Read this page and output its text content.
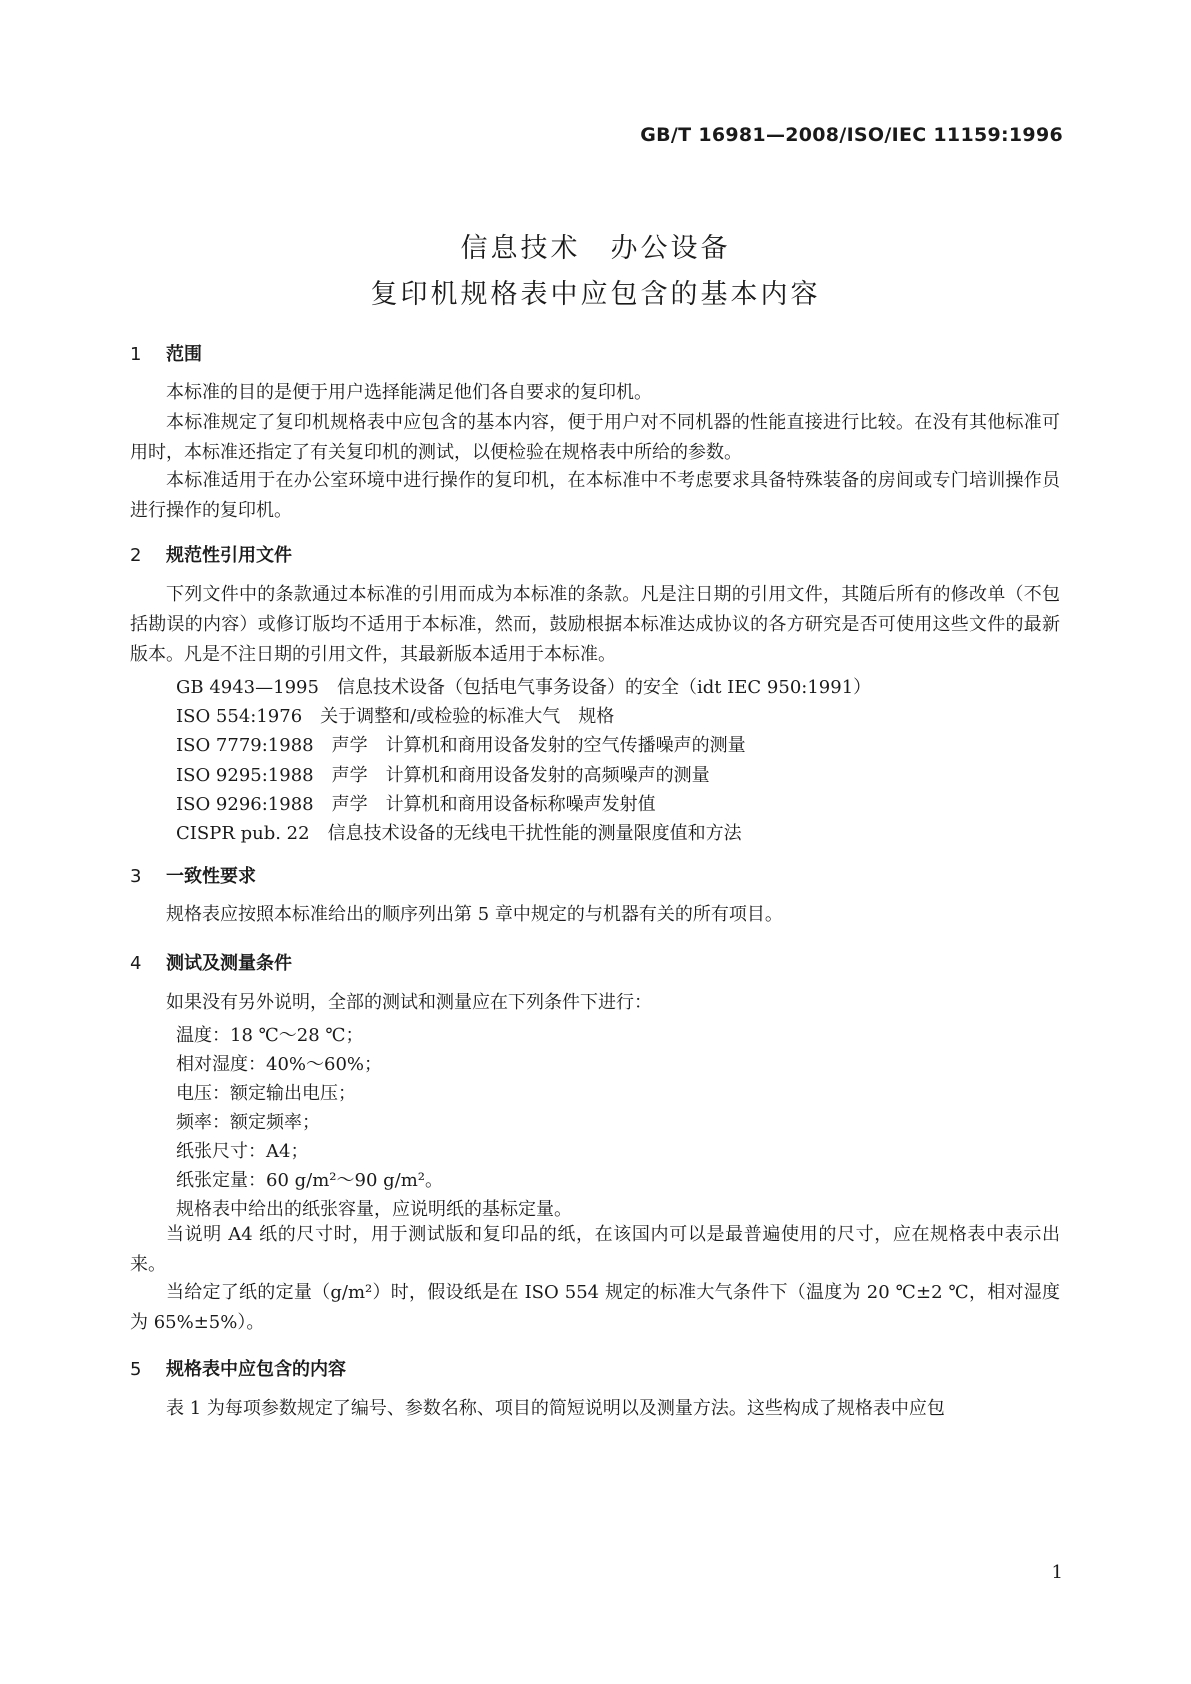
GB/T 16981—2008/ISO/IEC 11159:1996
信息技术　办公设备
复印机规格表中应包含的基本内容
1 范围
本标准的目的是便于用户选择能满足他们各自要求的复印机。
本标准规定了复印机规格表中应包含的基本内容，便于用户对不同机器的性能直接进行比较。在没有其他标准可用时，本标准还指定了有关复印机的测试，以便检验在规格表中所给的参数。
本标准适用于在办公室环境中进行操作的复印机，在本标准中不考虑要求具备特殊装备的房间或专门培训操作员进行操作的复印机。
2 规范性引用文件
下列文件中的条款通过本标准的引用而成为本标准的条款。凡是注日期的引用文件，其随后所有的修改单（不包括勘误的内容）或修订版均不适用于本标准，然而，鼓励根据本标准达成协议的各方研究是否可使用这些文件的最新版本。凡是不注日期的引用文件，其最新版本适用于本标准。
GB 4943—1995　信息技术设备（包括电气事务设备）的安全（idt IEC 950:1991）
ISO 554:1976　关于调整和/或检验的标准大气　规格
ISO 7779:1988　声学　计算机和商用设备发射的空气传播噪声的测量
ISO 9295:1988　声学　计算机和商用设备发射的高频噪声的测量
ISO 9296:1988　声学　计算机和商用设备标称噪声发射值
CISPR pub. 22　信息技术设备的无线电干扰性能的测量限度值和方法
3 一致性要求
规格表应按照本标准给出的顺序列出第 5 章中规定的与机器有关的所有项目。
4 测试及测量条件
如果没有另外说明，全部的测试和测量应在下列条件下进行：
温度：18 ℃～28 ℃；
相对湿度：40%～60%；
电压：额定输出电压；
频率：额定频率；
纸张尺寸：A4；
纸张定量：60 g/m²～90 g/m²。
规格表中给出的纸张容量，应说明纸的基标定量。
当说明 A4 纸的尺寸时，用于测试版和复印品的纸，在该国内可以是最普遍使用的尺寸，应在规格表中表示出来。
当给定了纸的定量（g/m²）时，假设纸是在 ISO 554 规定的标准大气条件下（温度为 20 ℃±2 ℃，相对湿度为 65%±5%）。
5 规格表中应包含的内容
表 1 为每项参数规定了编号、参数名称、项目的简短说明以及测量方法。这些构成了规格表中应包
1
